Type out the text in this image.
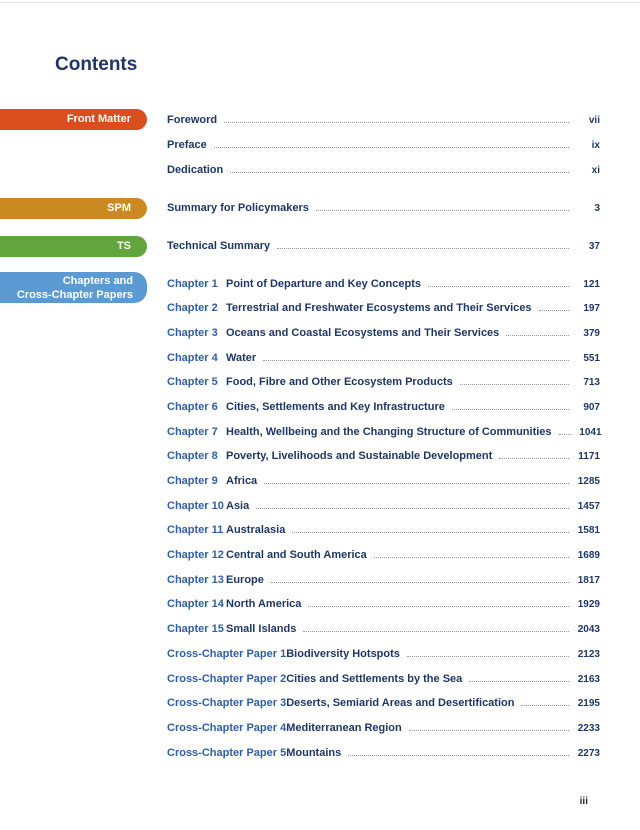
Contents
Front Matter
SPM
TS
Chapters and
Cross-Chapter Papers
Foreword	vii
Preface	ix
Dedication	xi
Summary for Policymakers	3
Technical Summary	37
Chapter 1 Point of Departure and Key Concepts	121
Chapter 2 Terrestrial and Freshwater Ecosystems and Their Services	197
Chapter 3 Oceans and Coastal Ecosystems and Their Services	379
Chapter 4 Water	551
Chapter 5 Food, Fibre and Other Ecosystem Products	713
Chapter 6 Cities, Settlements and Key Infrastructure	907
Chapter 7 Health, Wellbeing and the Changing Structure of Communities	1041
Chapter 8 Poverty, Livelihoods and Sustainable Development	1171
Chapter 9 Africa	1285
Chapter 10 Asia	1457
Chapter 11 Australasia	1581
Chapter 12 Central and South America	1689
Chapter 13 Europe	1817
Chapter 14 North America	1929
Chapter 15 Small Islands	2043
Cross-Chapter Paper 1 Biodiversity Hotspots	2123
Cross-Chapter Paper 2 Cities and Settlements by the Sea	2163
Cross-Chapter Paper 3 Deserts, Semiarid Areas and Desertification	2195
Cross-Chapter Paper 4 Mediterranean Region	2233
Cross-Chapter Paper 5 Mountains	2273
iii
